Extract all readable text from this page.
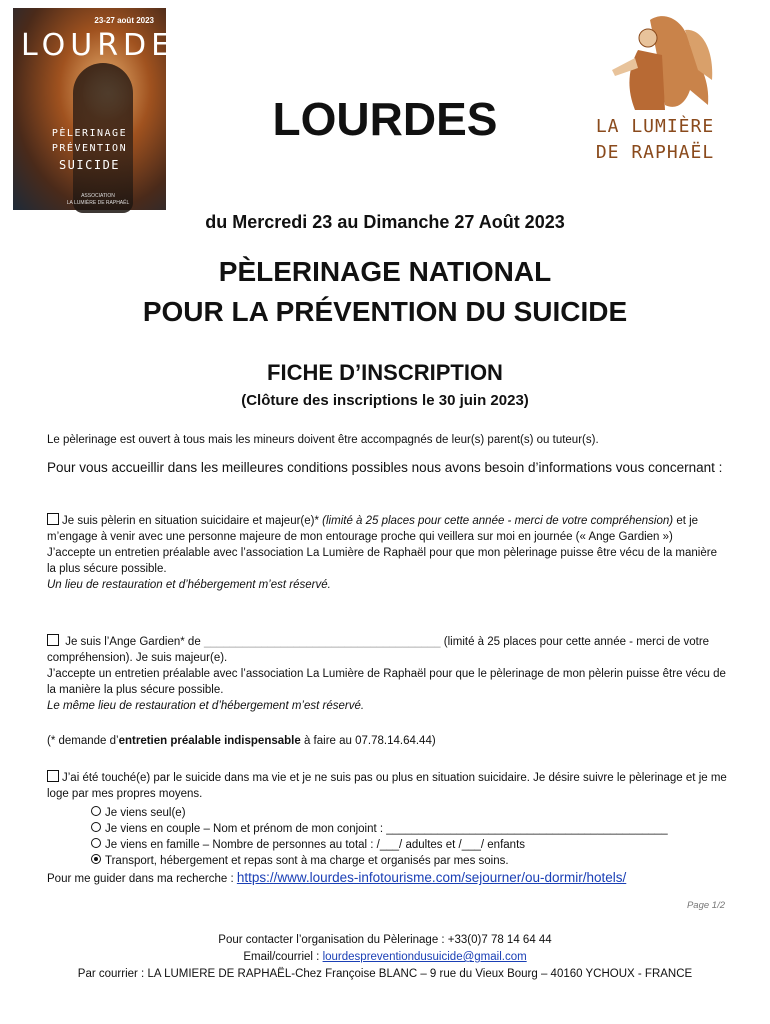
23-27 août 2023
LOURDES
PÈLERINAGE
PRÉVENTION
SUICIDE
ASSOCIATION
LA LUMIÈRE DE RAPHAËL
LA LUMIÈRE
DE RAPHAËL
LOURDES
du Mercredi 23 au Dimanche 27 Août 2023
PÈLERINAGE NATIONAL
POUR LA PRÉVENTION DU SUICIDE
FICHE D’INSCRIPTION
(Clôture des inscriptions le 30 juin 2023)
Le pèlerinage est ouvert à tous mais les mineurs doivent être accompagnés de leur(s) parent(s) ou tuteur(s).
Pour vous accueillir dans les meilleures conditions possibles nous avons besoin d’informations vous concernant :
Je suis pèlerin en situation suicidaire et majeur(e)* (limité à 25 places pour cette année - merci de votre compréhension) et je m’engage à venir avec une personne majeure de mon entourage proche qui veillera sur moi en journée (« Ange Gardien »)
J’accepte un entretien préalable avec l’association La Lumière de Raphaël pour que mon pèlerinage puisse être vécu de la manière la plus sécure possible.
Un lieu de restauration et d’hébergement m’est réservé.
Je suis l’Ange Gardien* de _____________________________________ (limité à 25 places pour cette année - merci de votre compréhension). Je suis majeur(e).
J’accepte un entretien préalable avec l’association La Lumière de Raphaël pour que le pèlerinage de mon pèlerin puisse être vécu de la manière la plus sécure possible.
Le même lieu de restauration et d’hébergement m’est réservé.
(* demande d’entretien préalable indispensable à faire au 07.78.14.64.44)
J’ai été touché(e) par le suicide dans ma vie et je ne suis pas ou plus en situation suicidaire. Je désire suivre le pèlerinage et je me loge par mes propres moyens.
Je viens seul(e)
Je viens en couple – Nom et prénom de mon conjoint : ____________________________________________
Je viens en famille – Nombre de personnes au total : /___/ adultes et /___/ enfants
Transport, hébergement et repas sont à ma charge et organisés par mes soins.
Pour me guider dans ma recherche : https://www.lourdes-infotourisme.com/sejourner/ou-dormir/hotels/
Page 1/2
Pour contacter l’organisation du Pèlerinage : +33(0)7 78 14 64 44
Email/courriel : lourdespreventiondusuicide@gmail.com
Par courrier : LA LUMIERE DE RAPHAËL-Chez Françoise BLANC – 9 rue du Vieux Bourg – 40160 YCHOUX - FRANCE
